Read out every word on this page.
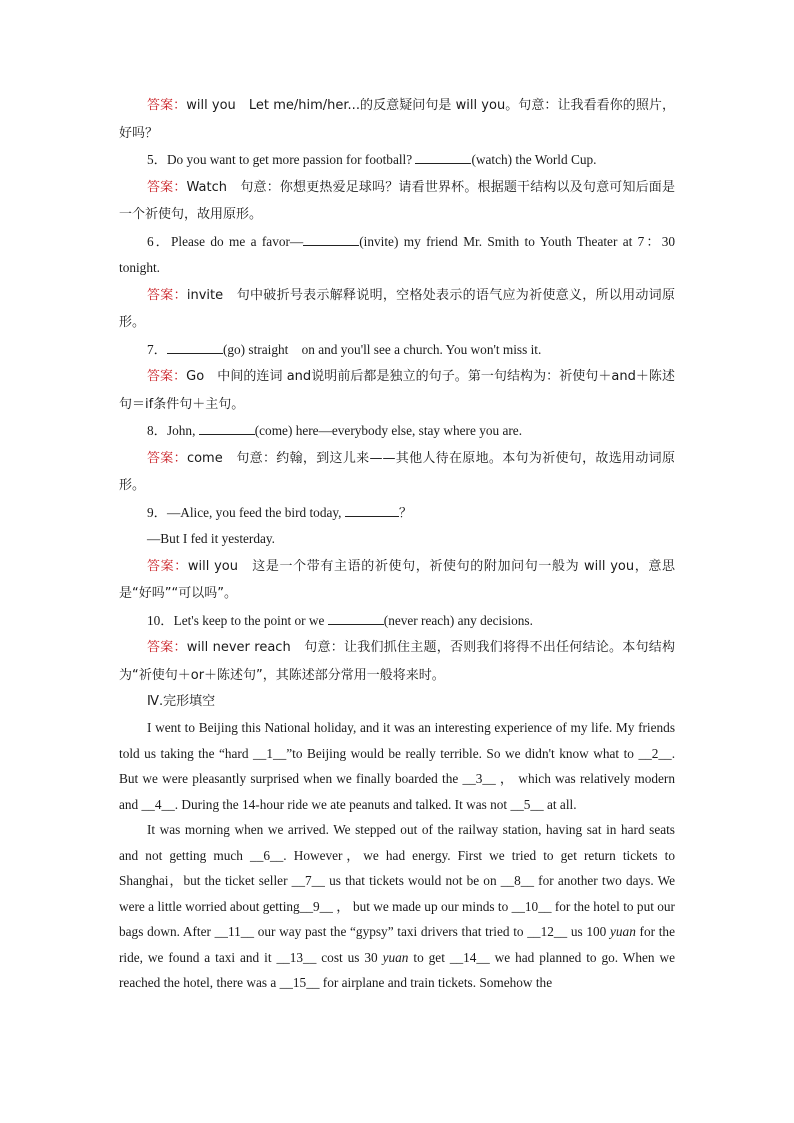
答案：will you　Let me/him/her...的反意疑问句是 will you。句意：让我看看你的照片，好吗？

5．Do you want to get more passion for football?	(watch) the World Cup.

答案：Watch　句意：你想更热爱足球吗？请看世界杯。根据题干结构以及句意可知后面是一个祈使句，故用原形。

6．Please do me a favor—	(invite) my friend Mr. Smith to Youth Theater at 7：30 tonight.

答案：invite　句中破折号表示解释说明，空格处表示的语气应为祈使意义，所以用动词原形。

7．	(go) straight　on and you'll see a church. You won't miss it.

答案：Go　中间的连词 and说明前后都是独立的句子。第一句结构为：祈使句＋and＋陈述句＝if条件句＋主句。

8．John,	(come) here—everybody else, stay where you are.

答案：come　句意：约翰，到这儿来——其他人待在原地。本句为祈使句，故选用动词原形。

9．—Alice, you feed the bird today,	？

—But I fed it yesterday.

答案：will you　这是一个带有主语的祈使句，祈使句的附加问句一般为 will you，意思是“好吗”“可以吗”。

10．Let's keep to the point or we	(never reach) any decisions.

答案：will never reach　句意：让我们抓住主题，否则我们将得不出任何结论。本句结构为“祈使句＋or＋陈述句”，其陈述部分常用一般将来时。

Ⅳ.完形填空

I went to Beijing this National holiday, and it was an interesting experience of my life. My friends told us taking the “hard __1__”to Beijing would be really terrible. So we didn't know what to __2__. But we were pleasantly surprised when we finally boarded the __3__ ， which was relatively modern and __4__. During the 14-hour ride we ate peanuts and talked. It was not __5__ at all.

It was morning when we arrived. We stepped out of the railway station, having sat in hard seats and not getting much __6__. However，we had energy. First we tried to get return tickets to Shanghai，but the ticket seller __7__ us that tickets would not be on __8__ for another two days. We were a little worried about getting__9__ ， but we made up our minds to __10__ for the hotel to put our bags down. After __11__ our way past the “gypsy” taxi drivers that tried to __12__ us 100 yuan for the ride, we found a taxi and it __13__ cost us 30 yuan to get __14__ we had planned to go. When we reached the hotel, there was a __15__ for airplane and train tickets. Somehow the
